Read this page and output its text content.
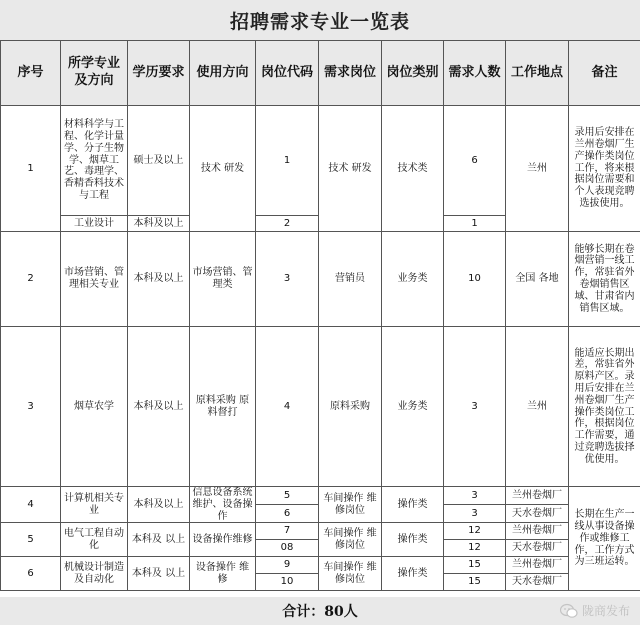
招聘需求专业一览表
序号	所学专业及方向	学历要求	使用方向	岗位代码	需求岗位	岗位类别	需求人数	工作地点	备注
1	材料科学与工程、化学计量学、分子生物学、烟草工艺、毒理学、香精香料技术与工程	硕士及以上	技术 研发	1	技术 研发	技术类	6	兰州	录用后安排在兰州卷烟厂生产操作类岗位工作，将来根据岗位需要和个人表现竞聘选拔使用。
	工业设计	本科及以上		2			1		
2	市场营销、管理相关专业	本科及以上	市场营销、管理类	3	营销员	业务类	10	全国 各地	能够长期在卷烟营销一线工作，常驻省外卷烟销售区域、甘肃省内销售区域。
3	烟草农学	本科及以上	原料采购 原料督打	4	原料采购	业务类	3	兰州	能适应长期出差，常驻省外原料产区。录用后安排在兰州卷烟厂生产操作类岗位工作，根据岗位工作需要，通过竞聘选拔择优使用。
4	计算机相关专业	本科及以上	信息设备系统维护、设备操作	5	车间操作 维修岗位	操作类	3	兰州卷烟厂	长期在生产一线从事设备操作或维修工作，工作方式为三班运转。
				6			3	天水卷烟厂	
5	电气工程自动化	本科及 以上	设备操作维修	7	车间操作 维修岗位	操作类	12	兰州卷烟厂	
				08			12	天水卷烟厂	
6	机械设计制造及自动化	本科及 以上	设备操作 维修	9	车间操作 维修岗位	操作类	15	兰州卷烟厂	
				10			15	天水卷烟厂	
合计：80人	陇商发布
